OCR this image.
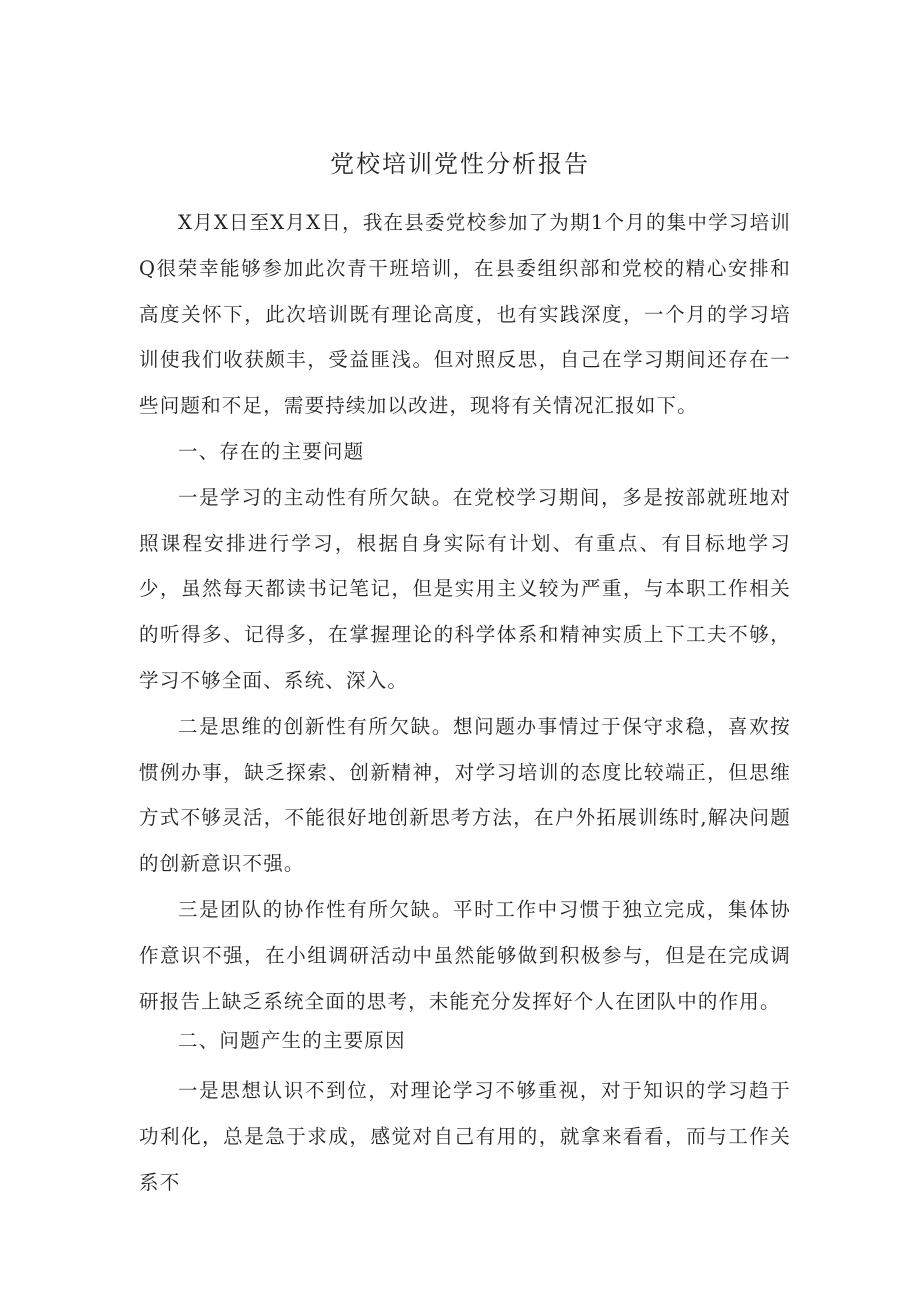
党校培训党性分析报告

X月X日至X月X日，我在县委党校参加了为期1个月的集中学习培训Q很荣幸能够参加此次青干班培训，在县委组织部和党校的精心安排和高度关怀下，此次培训既有理论高度，也有实践深度，一个月的学习培训使我们收获颇丰，受益匪浅。但对照反思，自己在学习期间还存在一些问题和不足，需要持续加以改进，现将有关情况汇报如下。

一、存在的主要问题

一是学习的主动性有所欠缺。在党校学习期间，多是按部就班地对照课程安排进行学习，根据自身实际有计划、有重点、有目标地学习少，虽然每天都读书记笔记，但是实用主义较为严重，与本职工作相关的听得多、记得多，在掌握理论的科学体系和精神实质上下工夫不够，学习不够全面、系统、深入。

二是思维的创新性有所欠缺。想问题办事情过于保守求稳，喜欢按惯例办事，缺乏探索、创新精神，对学习培训的态度比较端正，但思维方式不够灵活，不能很好地创新思考方法，在户外拓展训练时,解决问题的创新意识不强。

三是团队的协作性有所欠缺。平时工作中习惯于独立完成，集体协作意识不强，在小组调研活动中虽然能够做到积极参与，但是在完成调研报告上缺乏系统全面的思考，未能充分发挥好个人在团队中的作用。

二、问题产生的主要原因

一是思想认识不到位，对理论学习不够重视，对于知识的学习趋于功利化，总是急于求成，感觉对自己有用的，就拿来看看，而与工作关系不
